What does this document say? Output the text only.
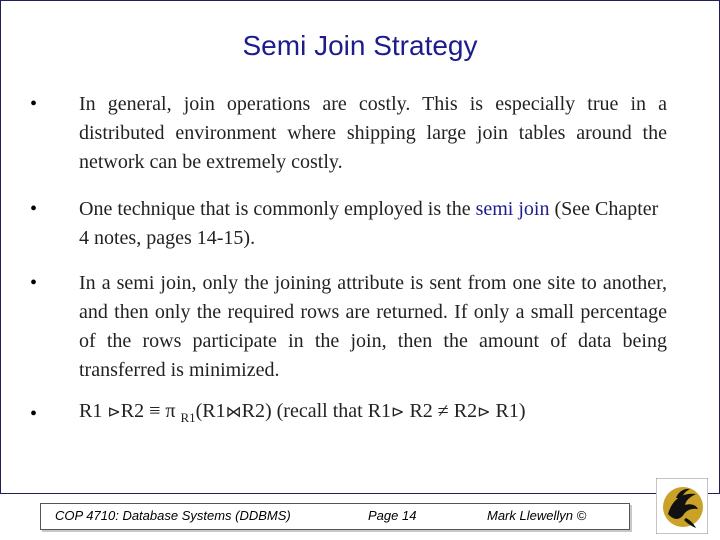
Semi Join Strategy
• In general, join operations are costly. This is especially true in a distributed environment where shipping large join tables around the network can be extremely costly.
• One technique that is commonly employed is the semi join (See Chapter 4 notes, pages 14-15).
• In a semi join, only the joining attribute is sent from one site to another, and then only the required rows are returned. If only a small percentage of the rows participate in the join, then the amount of data being transferred is minimized.
• R1 ⊳R2 ≡ π $_{R1}$(R1⋈R2) (recall that R1⊳ R2 ≠ R2⊳ R1)
COP 4710: Database Systems (DDBMS)	Page 14	Mark Llewellyn ©
